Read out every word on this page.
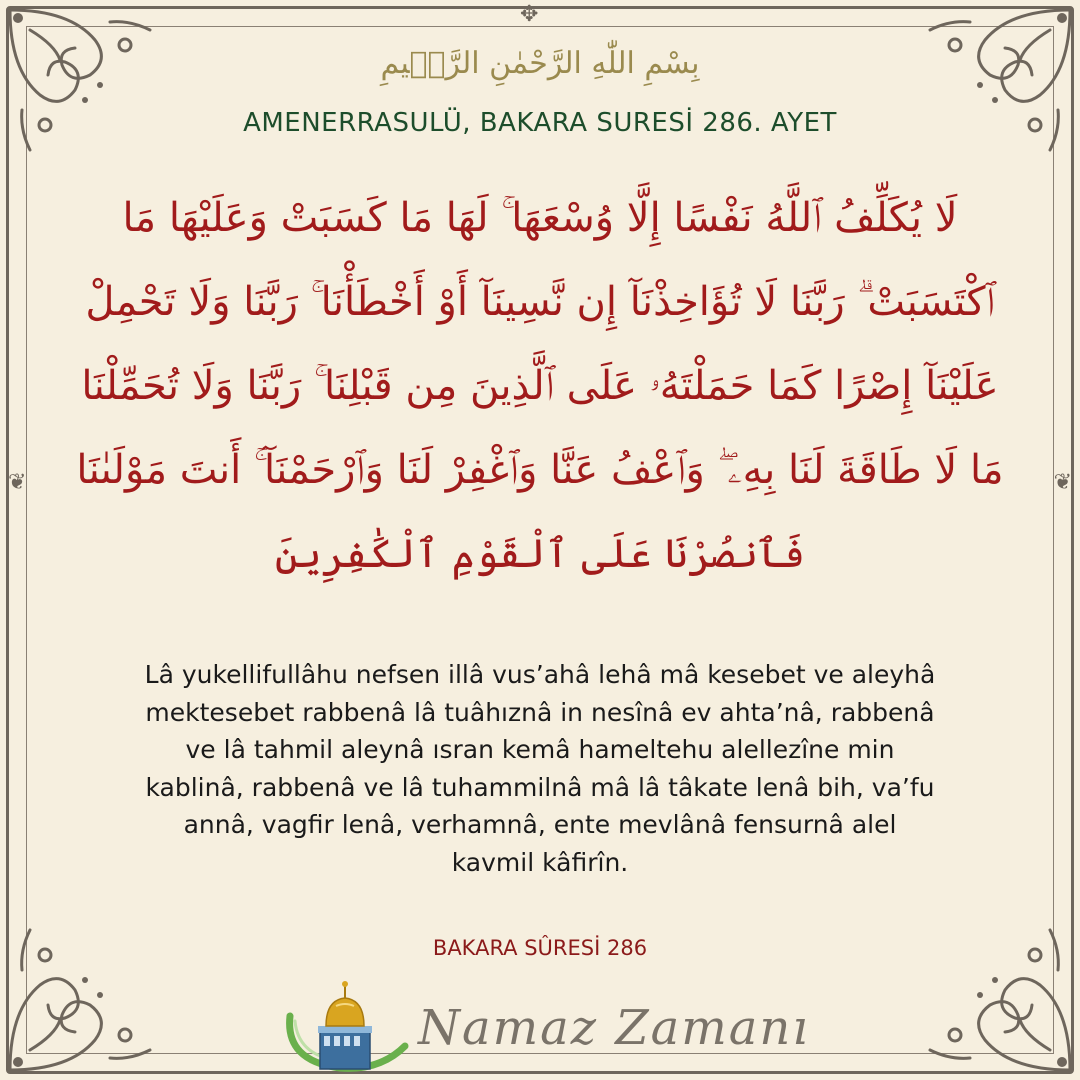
❦	❦
✥
بِسْمِ اللّٰهِ الرَّحْمٰنِ الرَّح۪يمِ
AMENERRASULÜ, BAKARA SURESİ 286. AYET
لَا يُكَلِّفُ ٱللَّهُ نَفْسًا إِلَّا وُسْعَهَا ۚ لَهَا مَا كَسَبَتْ وَعَلَيْهَا مَا
ٱكْتَسَبَتْ ۗ رَبَّنَا لَا تُؤَاخِذْنَآ إِن نَّسِينَآ أَوْ أَخْطَأْنَا ۚ رَبَّنَا وَلَا تَحْمِلْ
عَلَيْنَآ إِصْرًا كَمَا حَمَلْتَهُۥ عَلَى ٱلَّذِينَ مِن قَبْلِنَا ۚ رَبَّنَا وَلَا تُحَمِّلْنَا
مَا لَا طَاقَةَ لَنَا بِهِۦ ۖ وَٱعْفُ عَنَّا وَٱغْفِرْ لَنَا وَٱرْحَمْنَآ ۚ أَنتَ مَوْلَىٰنَا
فَٱنصُرْنَا عَلَى ٱلْقَوْمِ ٱلْكَٰفِرِينَ
Lâ yukellifullâhu nefsen illâ vus’ahâ lehâ mâ kesebet ve aleyhâ
mektesebet rabbenâ lâ tuâhıznâ in nesînâ ev ahta’nâ, rabbenâ
ve lâ tahmil aleynâ ısran kemâ hameltehu alellezîne min
kablinâ, rabbenâ ve lâ tuhammilnâ mâ lâ tâkate lenâ bih, va’fu
annâ, vagfir lenâ, verhamnâ, ente mevlânâ fensurnâ alel
kavmil kâfirîn.
BAKARA SÛRESİ 286
Namaz Zamanı
